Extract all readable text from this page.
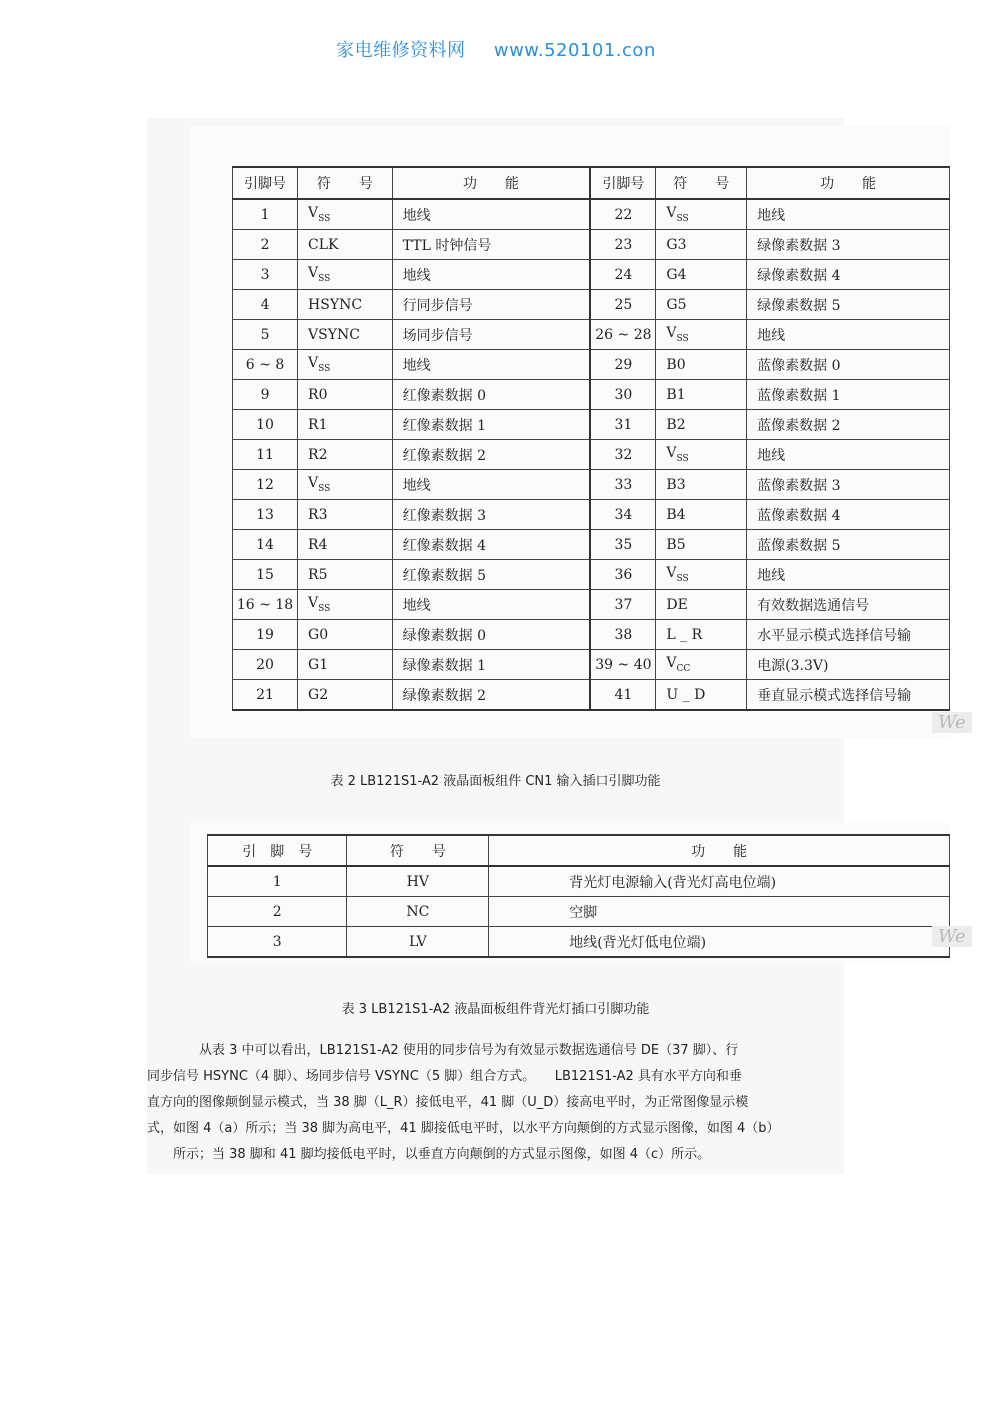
家电维修资料网 www.520101.con
引脚号	符　　号	功　　能	引脚号	符　　号	功　　能
1	$V_{SS}$	地线	22	$V_{SS}$	地线
2	CLK	TTL 时钟信号	23	G3	绿像素数据 3
3	$V_{SS}$	地线	24	G4	绿像素数据 4
4	HSYNC	行同步信号	25	G5	绿像素数据 5
5	VSYNC	场同步信号	26 ~ 28	$V_{SS}$	地线
6 ~ 8	$V_{SS}$	地线	29	B0	蓝像素数据 0
9	R0	红像素数据 0	30	B1	蓝像素数据 1
10	R1	红像素数据 1	31	B2	蓝像素数据 2
11	R2	红像素数据 2	32	$V_{SS}$	地线
12	$V_{SS}$	地线	33	B3	蓝像素数据 3
13	R3	红像素数据 3	34	B4	蓝像素数据 4
14	R4	红像素数据 4	35	B5	蓝像素数据 5
15	R5	红像素数据 5	36	$V_{SS}$	地线
16 ~ 18	$V_{SS}$	地线	37	DE	有效数据选通信号
19	G0	绿像素数据 0	38	L _ R	水平显示模式选择信号输
20	G1	绿像素数据 1	39 ~ 40	$V_{CC}$	电源(3.3V)
21	G2	绿像素数据 2	41	U _ D	垂直显示模式选择信号输
We
表 2 LB121S1-A2 液晶面板组件 CN1 输入插口引脚功能
引　脚　号	符　　号	功　　能
1	HV	背光灯电源输入(背光灯高电位端)
2	NC	空脚
3	LV	地线(背光灯低电位端)	We
表 3 LB121S1-A2 液晶面板组件背光灯插口引脚功能

　　　　从表 3 中可以看出，LB121S1-A2 使用的同步信号为有效显示数据选通信号 DE（37 脚）、行

同步信号 HSYNC（4 脚）、场同步信号 VSYNC（5 脚）组合方式。　　LB121S1-A2 具有水平方向和垂

直方向的图像颠倒显示模式，当 38 脚（L_R）接低电平，41 脚（U_D）接高电平时，为正常图像显示模

式，如图 4（a）所示；当 38 脚为高电平，41 脚接低电平时，以水平方向颠倒的方式显示图像，如图 4（b）

　　所示；当 38 脚和 41 脚均接低电平时，以垂直方向颠倒的方式显示图像，如图 4（c）所示。
